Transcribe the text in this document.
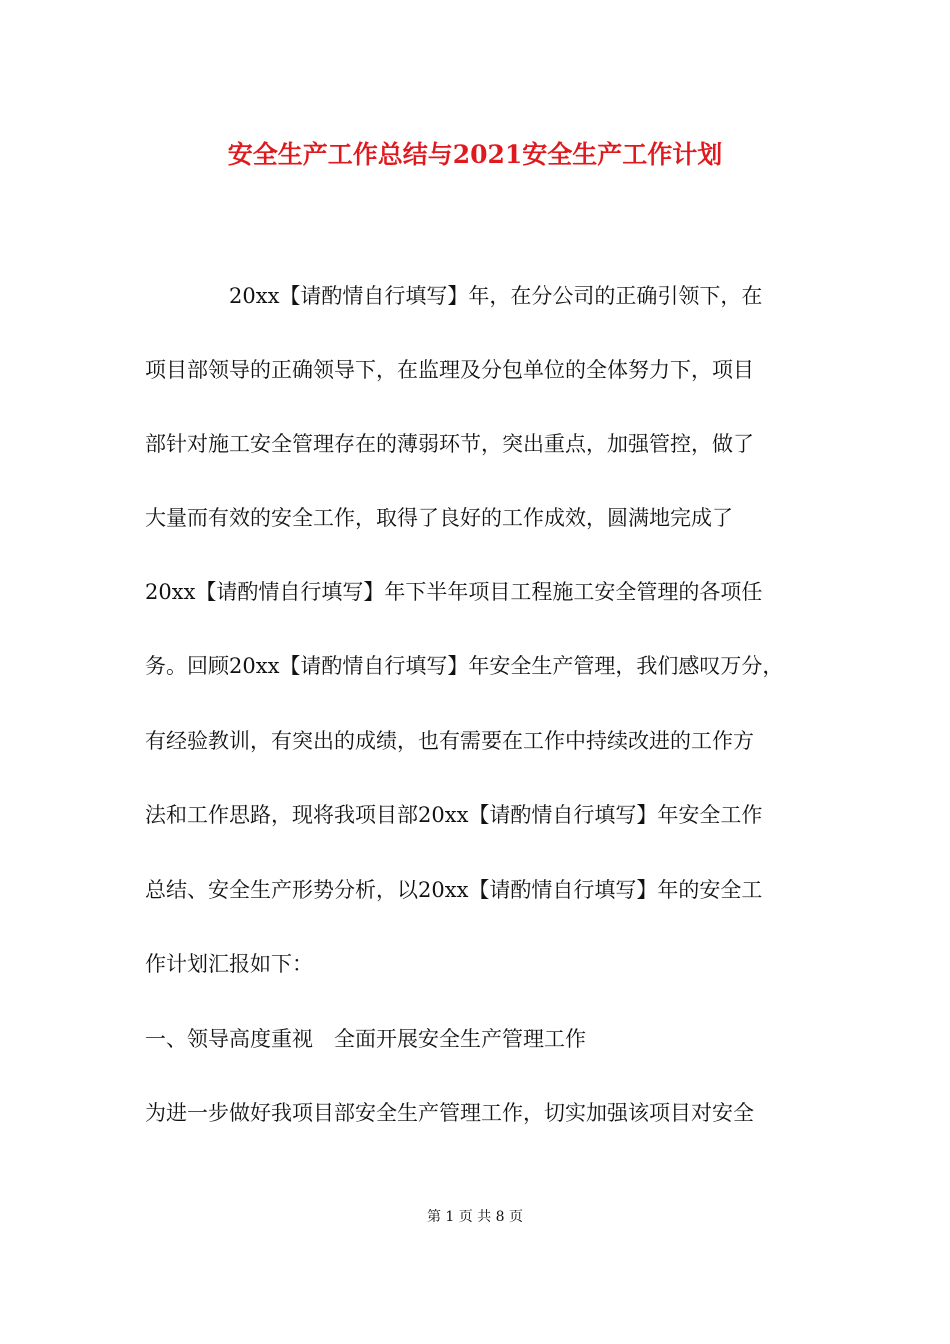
安全生产工作总结与2021安全生产工作计划
20xx【请酌情自行填写】年，在分公司的正确引领下，在
项目部领导的正确领导下，在监理及分包单位的全体努力下，项目
部针对施工安全管理存在的薄弱环节，突出重点，加强管控，做了
大量而有效的安全工作，取得了良好的工作成效，圆满地完成了
20xx【请酌情自行填写】年下半年项目工程施工安全管理的各项任
务。回顾20xx【请酌情自行填写】年安全生产管理，我们感叹万分，
有经验教训，有突出的成绩，也有需要在工作中持续改进的工作方
法和工作思路，现将我项目部20xx【请酌情自行填写】年安全工作
总结、安全生产形势分析，以20xx【请酌情自行填写】年的安全工
作计划汇报如下：
一、领导高度重视　全面开展安全生产管理工作
为进一步做好我项目部安全生产管理工作，切实加强该项目对安全
第 1 页 共 8 页
